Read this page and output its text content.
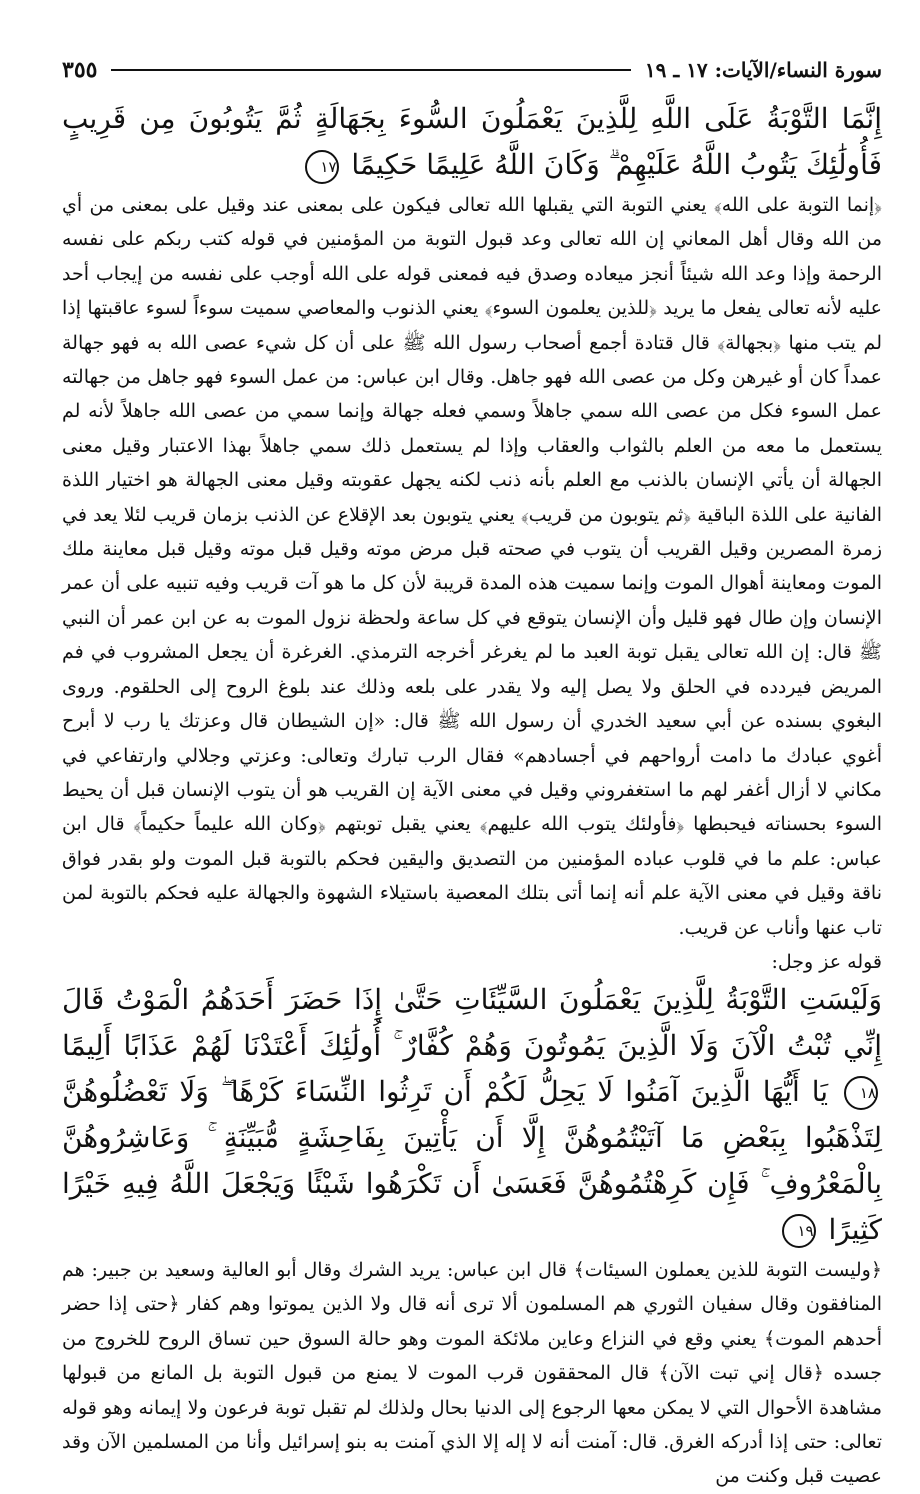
سورة النساء/الآيات: ١٧ ـ ١٩
٣٥٥
إِنَّمَا التَّوْبَةُ عَلَى اللَّهِ لِلَّذِينَ يَعْمَلُونَ السُّوءَ بِجَهَالَةٍ ثُمَّ يَتُوبُونَ مِن قَرِيبٍ فَأُولَٰئِكَ يَتُوبُ اللَّهُ عَلَيْهِمْ ۗ وَكَانَ اللَّهُ عَلِيمًا حَكِيمًا ١٧
﴿إنما التوبة على الله﴾ يعني التوبة التي يقبلها الله تعالى فيكون على بمعنى عند وقيل على بمعنى من أي من الله وقال أهل المعاني إن الله تعالى وعد قبول التوبة من المؤمنين في قوله كتب ربكم على نفسه الرحمة وإذا وعد الله شيئاً أنجز ميعاده وصدق فيه فمعنى قوله على الله أوجب على نفسه من إيجاب أحد عليه لأنه تعالى يفعل ما يريد ﴿للذين يعلمون السوء﴾ يعني الذنوب والمعاصي سميت سوءاً لسوء عاقبتها إذا لم يتب منها ﴿بجهالة﴾ قال قتادة أجمع أصحاب رسول الله ﷺ على أن كل شيء عصى الله به فهو جهالة عمداً كان أو غيرهن وكل من عصى الله فهو جاهل. وقال ابن عباس: من عمل السوء فهو جاهل من جهالته عمل السوء فكل من عصى الله سمي جاهلاً وسمي فعله جهالة وإنما سمي من عصى الله جاهلاً لأنه لم يستعمل ما معه من العلم بالثواب والعقاب وإذا لم يستعمل ذلك سمي جاهلاً بهذا الاعتبار وقيل معنى الجهالة أن يأتي الإنسان بالذنب مع العلم بأنه ذنب لكنه يجهل عقوبته وقيل معنى الجهالة هو اختيار اللذة الفانية على اللذة الباقية ﴿ثم يتوبون من قريب﴾ يعني يتوبون بعد الإقلاع عن الذنب بزمان قريب لئلا يعد في زمرة المصرين وقيل القريب أن يتوب في صحته قبل مرض موته وقيل قبل موته وقيل قبل معاينة ملك الموت ومعاينة أهوال الموت وإنما سميت هذه المدة قريبة لأن كل ما هو آت قريب وفيه تنبيه على أن عمر الإنسان وإن طال فهو قليل وأن الإنسان يتوقع في كل ساعة ولحظة نزول الموت به عن ابن عمر أن النبي ﷺ قال: إن الله تعالى يقبل توبة العبد ما لم يغرغر أخرجه الترمذي. الغرغرة أن يجعل المشروب في فم المريض فيردده في الحلق ولا يصل إليه ولا يقدر على بلعه وذلك عند بلوغ الروح إلى الحلقوم. وروى البغوي بسنده عن أبي سعيد الخدري أن رسول الله ﷺ قال: «إن الشيطان قال وعزتك يا رب لا أبرح أغوي عبادك ما دامت أرواحهم في أجسادهم» فقال الرب تبارك وتعالى: وعزتي وجلالي وارتفاعي في مكاني لا أزال أغفر لهم ما استغفروني وقيل في معنى الآية إن القريب هو أن يتوب الإنسان قبل أن يحيط السوء بحسناته فيحبطها ﴿فأولئك يتوب الله عليهم﴾ يعني يقبل توبتهم ﴿وكان الله عليماً حكيماً﴾ قال ابن عباس: علم ما في قلوب عباده المؤمنين من التصديق واليقين فحكم بالتوبة قبل الموت ولو بقدر فواق ناقة وقيل في معنى الآية علم أنه إنما أتى بتلك المعصية باستيلاء الشهوة والجهالة عليه فحكم بالتوبة لمن تاب عنها وأناب عن قريب.
قوله عز وجل:
وَلَيْسَتِ التَّوْبَةُ لِلَّذِينَ يَعْمَلُونَ السَّيِّئَاتِ حَتَّىٰ إِذَا حَضَرَ أَحَدَهُمُ الْمَوْتُ قَالَ إِنِّي تُبْتُ الْآنَ وَلَا الَّذِينَ يَمُوتُونَ وَهُمْ كُفَّارٌ ۚ أُولَٰئِكَ أَعْتَدْنَا لَهُمْ عَذَابًا أَلِيمًا ١٨ يَا أَيُّهَا الَّذِينَ آمَنُوا لَا يَحِلُّ لَكُمْ أَن تَرِثُوا النِّسَاءَ كَرْهًا ۖ وَلَا تَعْضُلُوهُنَّ لِتَذْهَبُوا بِبَعْضِ مَا آتَيْتُمُوهُنَّ إِلَّا أَن يَأْتِينَ بِفَاحِشَةٍ مُّبَيِّنَةٍ ۚ وَعَاشِرُوهُنَّ بِالْمَعْرُوفِ ۚ فَإِن كَرِهْتُمُوهُنَّ فَعَسَىٰ أَن تَكْرَهُوا شَيْئًا وَيَجْعَلَ اللَّهُ فِيهِ خَيْرًا كَثِيرًا ١٩
﴿وليست التوبة للذين يعملون السيئات﴾ قال ابن عباس: يريد الشرك وقال أبو العالية وسعيد بن جبير: هم المنافقون وقال سفيان الثوري هم المسلمون ألا ترى أنه قال ولا الذين يموتوا وهم كفار ﴿حتى إذا حضر أحدهم الموت﴾ يعني وقع في النزاع وعاين ملائكة الموت وهو حالة السوق حين تساق الروح للخروج من جسده ﴿قال إني تبت الآن﴾ قال المحققون قرب الموت لا يمنع من قبول التوبة بل المانع من قبولها مشاهدة الأحوال التي لا يمكن معها الرجوع إلى الدنيا بحال ولذلك لم تقبل توبة فرعون ولا إيمانه وهو قوله تعالى: حتى إذا أدركه الغرق. قال: آمنت أنه لا إله إلا الذي آمنت به بنو إسرائيل وأنا من المسلمين الآن وقد عصيت قبل وكنت من
